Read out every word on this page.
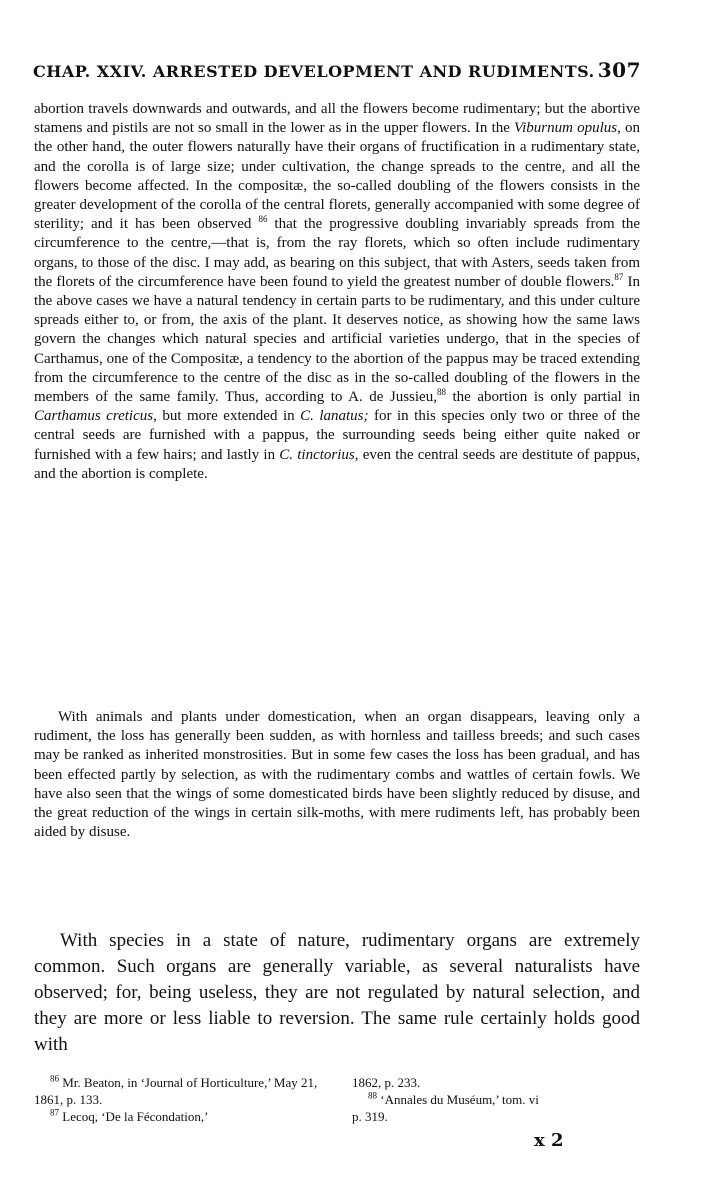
CHAP. XXIV. ARRESTED DEVELOPMENT AND RUDIMENTS. 307

abortion travels downwards and outwards, and all the flowers become rudimentary; but the abortive stamens and pistils are not so small in the lower as in the upper flowers. In the Viburnum opulus, on the other hand, the outer flowers naturally have their organs of fructification in a rudimentary state, and the corolla is of large size; under cultivation, the change spreads to the centre, and all the flowers become affected. In the compositæ, the so-called doubling of the flowers consists in the greater development of the corolla of the central florets, generally accompanied with some degree of sterility; and it has been observed $^{86}$ that the progressive doubling invariably spreads from the circumference to the centre,—that is, from the ray florets, which so often include rudimentary organs, to those of the disc. I may add, as bearing on this subject, that with Asters, seeds taken from the florets of the circumference have been found to yield the greatest number of double flowers.$^{87}$ In the above cases we have a natural tendency in certain parts to be rudimentary, and this under culture spreads either to, or from, the axis of the plant. It deserves notice, as showing how the same laws govern the changes which natural species and artificial varieties undergo, that in the species of Carthamus, one of the Compositæ, a tendency to the abortion of the pappus may be traced extending from the circumference to the centre of the disc as in the so-called doubling of the flowers in the members of the same family. Thus, according to A. de Jussieu,$^{88}$ the abortion is only partial in Carthamus creticus, but more extended in C. lanatus; for in this species only two or three of the central seeds are furnished with a pappus, the surrounding seeds being either quite naked or furnished with a few hairs; and lastly in C. tinctorius, even the central seeds are destitute of pappus, and the abortion is complete.

With animals and plants under domestication, when an organ disappears, leaving only a rudiment, the loss has generally been sudden, as with hornless and tailless breeds; and such cases may be ranked as inherited monstrosities. But in some few cases the loss has been gradual, and has been effected partly by selection, as with the rudimentary combs and wattles of certain fowls. We have also seen that the wings of some domesticated birds have been slightly reduced by disuse, and the great reduction of the wings in certain silk-moths, with mere rudiments left, has probably been aided by disuse.

With species in a state of nature, rudimentary organs are extremely common. Such organs are generally variable, as several naturalists have observed; for, being useless, they are not regulated by natural selection, and they are more or less liable to reversion. The same rule certainly holds good with

$^{86}$ Mr. Beaton, in ‘Journal of Horticulture,’ May 21, 1861, p. 133.

$^{87}$ Lecoq, ‘De la Fécondation,’

1862, p. 233.

$^{88}$ ‘Annales du Muséum,’ tom. vi

p. 319.

x 2
